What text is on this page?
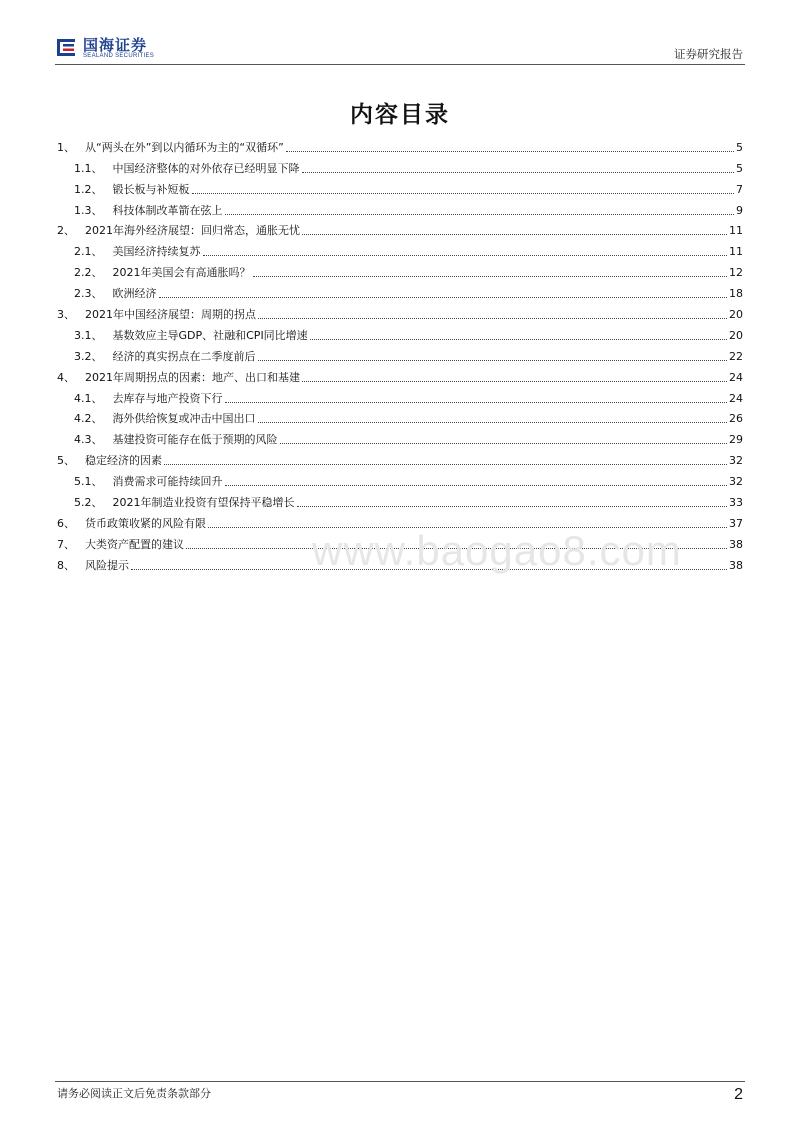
国海证券
SEALAND SECURITIES	证券研究报告
内容目录
1、 从“两头在外”到以内循环为主的“双循环”	5
1.1、 中国经济整体的对外依存已经明显下降	5
1.2、 锻长板与补短板	7
1.3、 科技体制改革箭在弦上	9
2、 2021年海外经济展望：回归常态，通胀无忧	11
2.1、 美国经济持续复苏	11
2.2、 2021年美国会有高通胀吗？	12
2.3、 欧洲经济	18
3、 2021年中国经济展望：周期的拐点	20
3.1、 基数效应主导GDP、社融和CPI同比增速	20
3.2、 经济的真实拐点在二季度前后	22
4、 2021年周期拐点的因素：地产、出口和基建	24
4.1、 去库存与地产投资下行	24
4.2、 海外供给恢复或冲击中国出口	26
4.3、 基建投资可能存在低于预期的风险	29
5、 稳定经济的因素	32
5.1、 消费需求可能持续回升	32
5.2、 2021年制造业投资有望保持平稳增长	33
6、 货币政策收紧的风险有限	37
7、 大类资产配置的建议	38
8、 风险提示	38
www.baogao8.com
请务必阅读正文后免责条款部分	2
